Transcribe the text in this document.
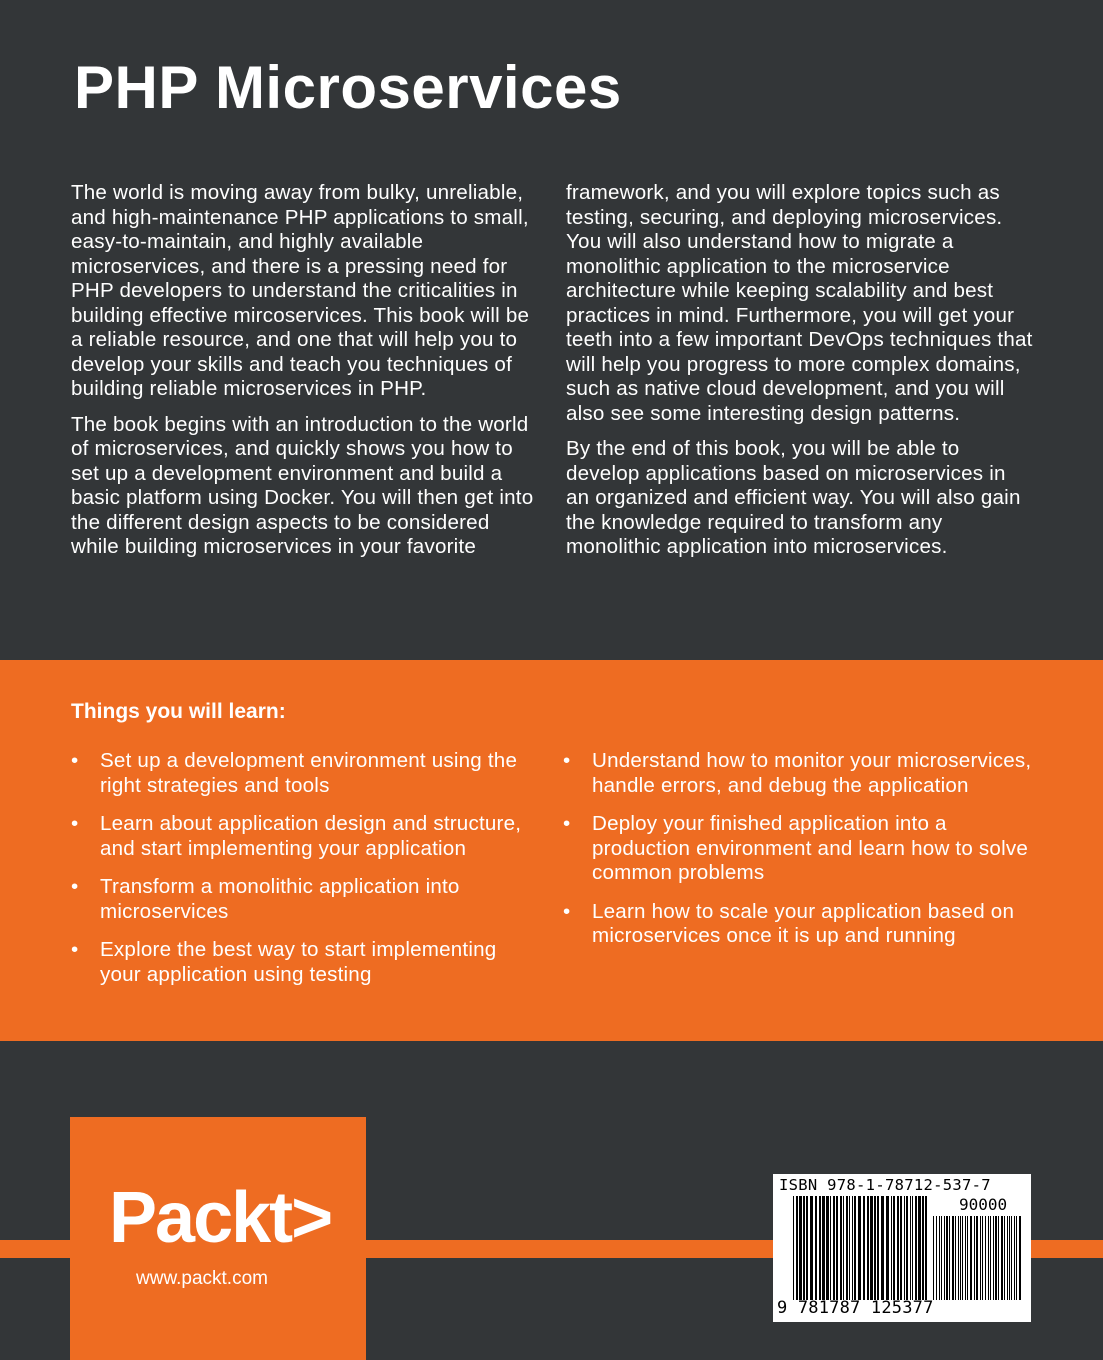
PHP Microservices

The world is moving away from bulky, unreliable, and high-maintenance PHP applications to small, easy-to-maintain, and highly available microservices, and there is a pressing need for PHP developers to understand the criticalities in building effective mircoservices. This book will be a reliable resource, and one that will help you to develop your skills and teach you techniques of building reliable microservices in PHP.

The book begins with an introduction to the world of microservices, and quickly shows you how to set up a development environment and build a basic platform using Docker. You will then get into the different design aspects to be considered while building microservices in your favorite

framework, and you will explore topics such as testing, securing, and deploying microservices. You will also understand how to migrate a monolithic application to the microservice architecture while keeping scalability and best practices in mind. Furthermore, you will get your teeth into a few important DevOps techniques that will help you progress to more complex domains, such as native cloud development, and you will also see some interesting design patterns.

By the end of this book, you will be able to develop applications based on microservices in an organized and efficient way. You will also gain the knowledge required to transform any monolithic application into microservices.

Things you will learn:
• Set up a development environment using the right strategies and tools
• Learn about application design and structure, and start implementing your application
• Transform a monolithic application into microservices
• Explore the best way to start implementing your application using testing
• Understand how to monitor your microservices, handle errors, and debug the application
• Deploy your finished application into a production environment and learn how to solve common problems
• Learn how to scale your application based on microservices once it is up and running
Packt>
www.packt.com
ISBN 978-1-78712-537-7
90000
9 781787 125377
